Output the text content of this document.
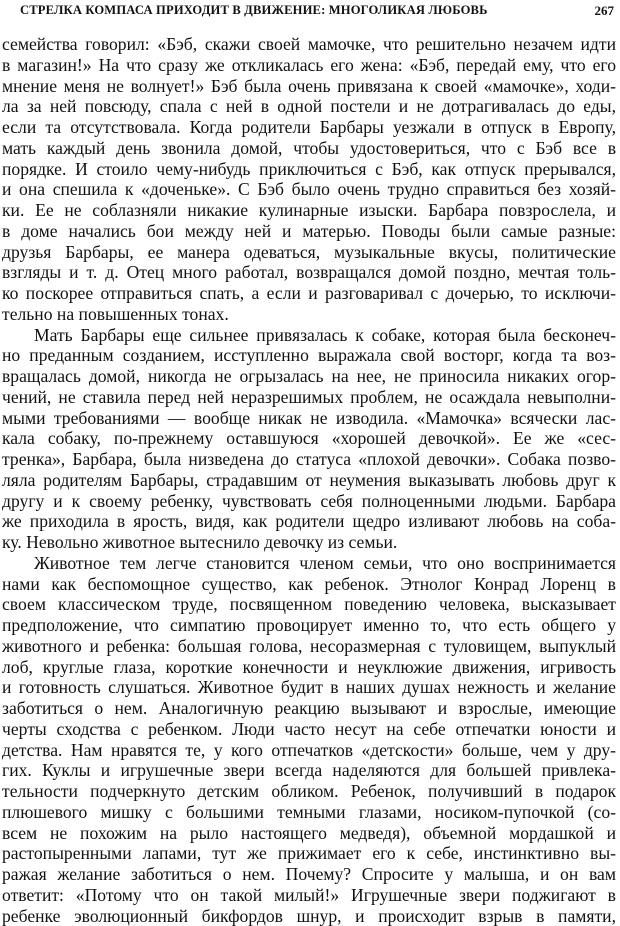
СТРЕЛКА КОМПАСА ПРИХОДИТ В ДВИЖЕНИЕ: МНОГОЛИКАЯ ЛЮБОВЬ	267
семейства говорил: «Бэб, скажи своей мамочке, что решительно незачем идти
в магазин!» На что сразу же откликалась его жена: «Бэб, передай ему, что его
мнение меня не волнует!» Бэб была очень привязана к своей «мамочке», ходи-
ла за ней повсюду, спала с ней в одной постели и не дотрагивалась до еды,
если та отсутствовала. Когда родители Барбары уезжали в отпуск в Европу,
мать каждый день звонила домой, чтобы удостовериться, что с Бэб все в
порядке. И стоило чему-нибудь приключиться с Бэб, как отпуск прерывался,
и она спешила к «доченьке». С Бэб было очень трудно справиться без хозяй-
ки. Ее не соблазняли никакие кулинарные изыски. Барбара повзрослела, и
в доме начались бои между ней и матерью. Поводы были самые разные:
друзья Барбары, ее манера одеваться, музыкальные вкусы, политические
взгляды и т. д. Отец много работал, возвращался домой поздно, мечтая толь-
ко поскорее отправиться спать, а если и разговаривал с дочерью, то исключи-
тельно на повышенных тонах.
Мать Барбары еще сильнее привязалась к собаке, которая была бесконеч-
но преданным созданием, исступленно выражала свой восторг, когда та воз-
вращалась домой, никогда не огрызалась на нее, не приносила никаких огор-
чений, не ставила перед ней неразрешимых проблем, не осаждала невыполни-
мыми требованиями — вообще никак не изводила. «Мамочка» всячески лас-
кала собаку, по-прежнему оставшуюся «хорошей девочкой». Ее же «сес-
тренка», Барбара, была низведена до статуса «плохой девочки». Собака позво-
ляла родителям Барбары, страдавшим от неумения выказывать любовь друг к
другу и к своему ребенку, чувствовать себя полноценными людьми. Барбара
же приходила в ярость, видя, как родители щедро изливают любовь на соба-
ку. Невольно животное вытеснило девочку из семьи.
Животное тем легче становится членом семьи, что оно воспринимается
нами как беспомощное существо, как ребенок. Этнолог Конрад Лоренц в
своем классическом труде, посвященном поведению человека, высказывает
предположение, что симпатию провоцирует именно то, что есть общего у
животного и ребенка: большая голова, несоразмерная с туловищем, выпуклый
лоб, круглые глаза, короткие конечности и неуклюжие движения, игривость
и готовность слушаться. Животное будит в наших душах нежность и желание
заботиться о нем. Аналогичную реакцию вызывают и взрослые, имеющие
черты сходства с ребенком. Люди часто несут на себе отпечатки юности и
детства. Нам нравятся те, у кого отпечатков «детскости» больше, чем у дру-
гих. Куклы и игрушечные звери всегда наделяются для большей привлека-
тельности подчеркнуто детским обликом. Ребенок, получивший в подарок
плюшевого мишку с большими темными глазами, носиком-пупочкой (со-
всем не похожим на рыло настоящего медведя), объемной мордашкой и
растопыренными лапами, тут же прижимает его к себе, инстинктивно вы-
ражая желание заботиться о нем. Почему? Спросите у малыша, и он вам
ответит: «Потому что он такой милый!» Игрушечные звери поджигают в
ребенке эволюционный бикфордов шнур, и происходит взрыв в памяти,
